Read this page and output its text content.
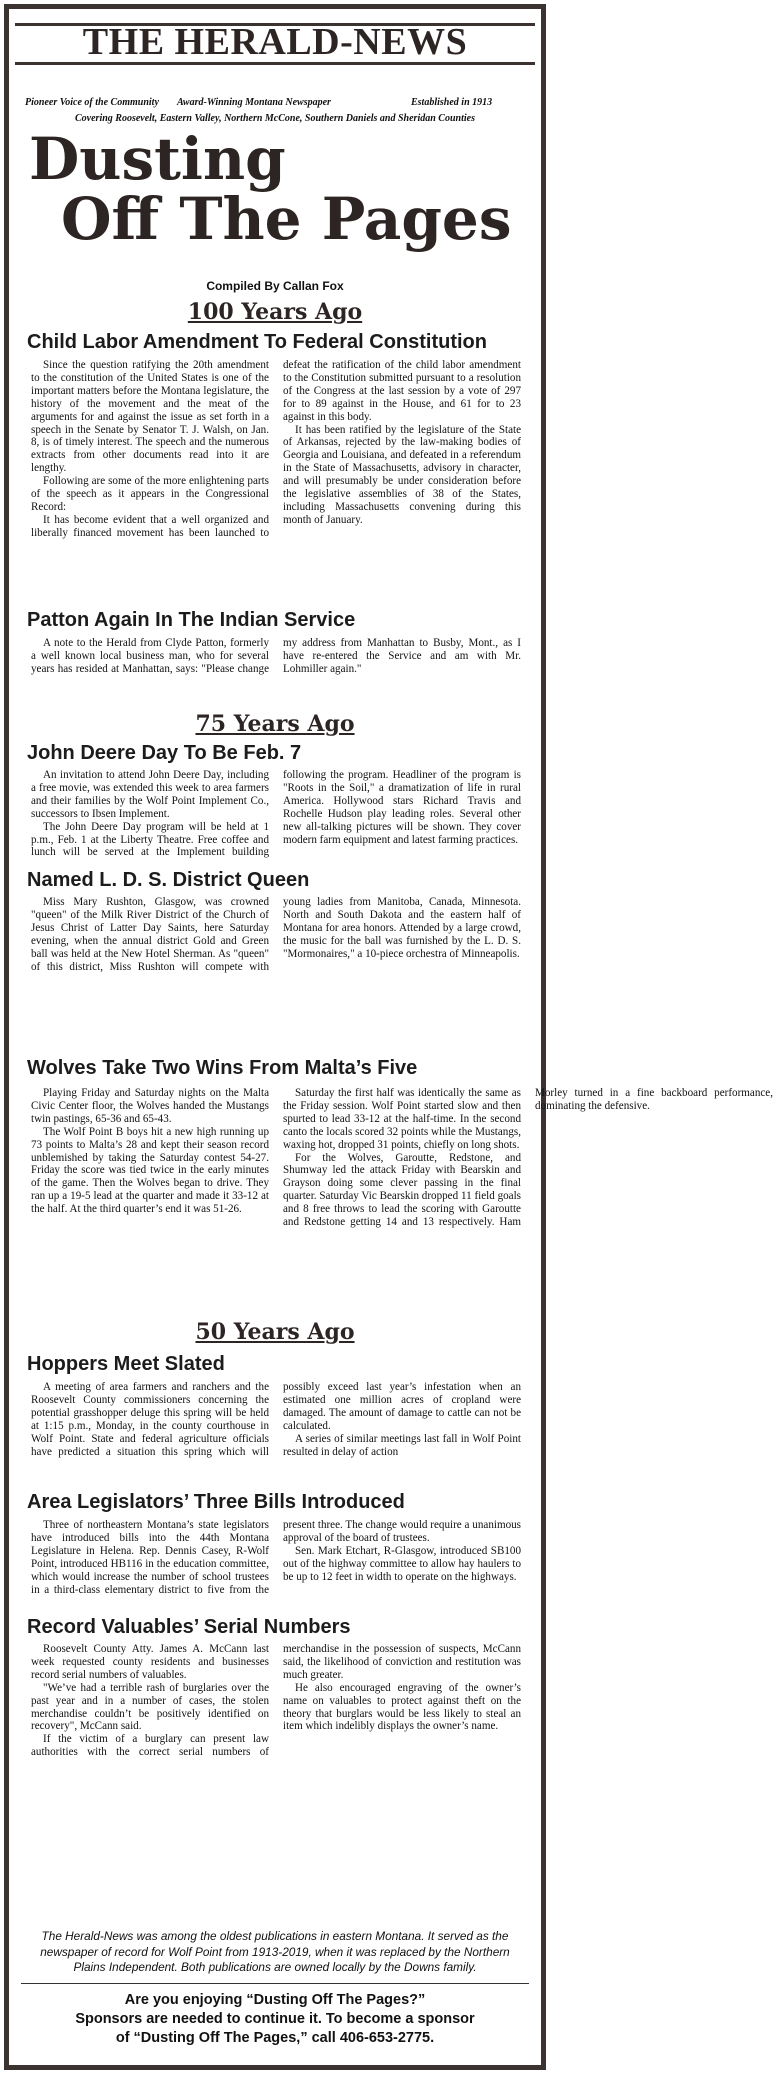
THE HERALD-NEWS
Pioneer Voice of the Community Award-Winning Montana Newspaper	Established in 1913
Covering Roosevelt, Eastern Valley, Northern McCone, Southern Daniels and Sheridan Counties
Dusting
Off The Pages
Compiled By Callan Fox
100 Years Ago
Child Labor Amendment To Federal Constitution

Since the question ratifying the 20th amendment to the constitution of the United States is one of the important matters before the Montana legislature, the history of the movement and the meat of the arguments for and against the issue as set forth in a speech in the Senate by Senator T. J. Walsh, on Jan. 8, is of timely interest. The speech and the numerous extracts from other documents read into it are lengthy.

Following are some of the more enlightening parts of the speech as it appears in the Congressional Record:

It has become evident that a well organized and liberally financed movement has been launched to defeat the ratification of the child labor amendment to the Constitution submitted pursuant to a resolution of the Congress at the last session by a vote of 297 for to 89 against in the House, and 61 for to 23 against in this body.

It has been ratified by the legislature of the State of Arkansas, rejected by the law-making bodies of Georgia and Louisiana, and defeated in a referendum in the State of Massachusetts, advisory in character, and will presumably be under consideration before the legislative assemblies of 38 of the States, including Massachusetts convening during this month of January.

Patton Again In The Indian Service

A note to the Herald from Clyde Patton, formerly a well known local business man, who for several years has resided at Manhattan, says: "Please change my address from Manhattan to Busby, Mont., as I have re-entered the Service and am with Mr. Lohmiller again."

75 Years Ago
John Deere Day To Be Feb. 7

An invitation to attend John Deere Day, including a free movie, was extended this week to area farmers and their families by the Wolf Point Implement Co., successors to Ibsen Implement.

The John Deere Day program will be held at 1 p.m., Feb. 1 at the Liberty Theatre. Free coffee and lunch will be served at the Implement building following the program. Headliner of the program is "Roots in the Soil," a dramatization of life in rural America. Hollywood stars Richard Travis and Rochelle Hudson play leading roles. Several other new all-talking pictures will be shown. They cover modern farm equipment and latest farming practices.

Named L. D. S. District Queen

Miss Mary Rushton, Glasgow, was crowned "queen" of the Milk River District of the Church of Jesus Christ of Latter Day Saints, here Saturday evening, when the annual district Gold and Green ball was held at the New Hotel Sherman. As "queen" of this district, Miss Rushton will compete with young ladies from Manitoba, Canada, Minnesota. North and South Dakota and the eastern half of Montana for area honors. Attended by a large crowd, the music for the ball was furnished by the L. D. S. "Mormonaires," a 10-piece orchestra of Minneapolis.

Wolves Take Two Wins From Malta’s Five

Playing Friday and Saturday nights on the Malta Civic Center floor, the Wolves handed the Mustangs twin pastings, 65-36 and 65-43.

The Wolf Point B boys hit a new high running up 73 points to Malta’s 28 and kept their season record unblemished by taking the Saturday contest 54-27. Friday the score was tied twice in the early minutes of the game. Then the Wolves began to drive. They ran up a 19-5 lead at the quarter and made it 33-12 at the half. At the third quarter’s end it was 51-26.

Saturday the first half was identically the same as the Friday session. Wolf Point started slow and then spurted to lead 33-12 at the half-time. In the second canto the locals scored 32 points while the Mustangs, waxing hot, dropped 31 points, chiefly on long shots.

For the Wolves, Garoutte, Redstone, and Shumway led the attack Friday with Bearskin and Grayson doing some clever passing in the final quarter. Saturday Vic Bearskin dropped 11 field goals and 8 free throws to lead the scoring with Garoutte and Redstone getting 14 and 13 respectively. Ham Morley turned in a fine backboard performance, dominating the defensive.

50 Years Ago
Hoppers Meet Slated

A meeting of area farmers and ranchers and the Roosevelt County commissioners concerning the potential grasshopper deluge this spring will be held at 1:15 p.m., Monday, in the county courthouse in Wolf Point. State and federal agriculture officials have predicted a situation this spring which will possibly exceed last year’s infestation when an estimated one million acres of cropland were damaged. The amount of damage to cattle can not be calculated.

A series of similar meetings last fall in Wolf Point resulted in delay of action

Area Legislators’ Three Bills Introduced

Three of northeastern Montana’s state legislators have introduced bills into the 44th Montana Legislature in Helena. Rep. Dennis Casey, R-Wolf Point, introduced HB116 in the education committee, which would increase the number of school trustees in a third-class elementary district to five from the present three. The change would require a unanimous approval of the board of trustees.

Sen. Mark Etchart, R-Glasgow, introduced SB100 out of the highway committee to allow hay haulers to be up to 12 feet in width to operate on the highways.

Record Valuables’ Serial Numbers

Roosevelt County Atty. James A. McCann last week requested county residents and businesses record serial numbers of valuables.

"We’ve had a terrible rash of burglaries over the past year and in a number of cases, the stolen merchandise couldn’t be positively identified on recovery", McCann said.

If the victim of a burglary can present law authorities with the correct serial numbers of merchandise in the possession of suspects, McCann said, the likelihood of conviction and restitution was much greater.

He also encouraged engraving of the owner’s name on valuables to protect against theft on the theory that burglars would be less likely to steal an item which indelibly displays the owner’s name.

The Herald-News was among the oldest publications in eastern Montana. It served as the newspaper of record for Wolf Point from 1913-2019, when it was replaced by the Northern Plains Independent. Both publications are owned locally by the Downs family.
Are you enjoying “Dusting Off The Pages?”
Sponsors are needed to continue it. To become a sponsor
of “Dusting Off The Pages,” call 406-653-2775.
